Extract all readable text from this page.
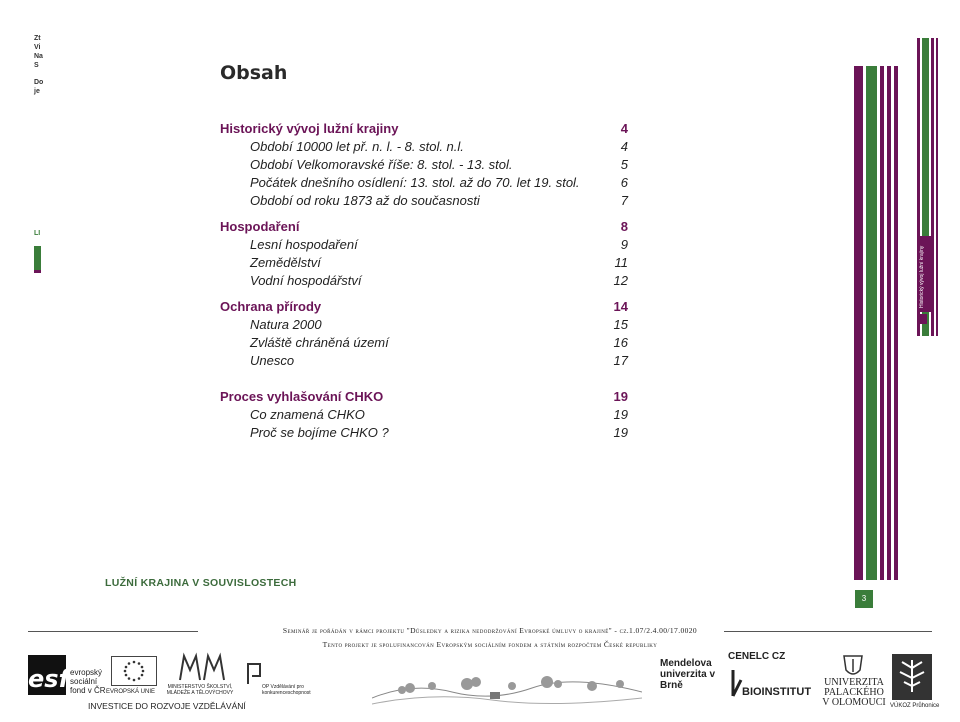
Zt
Vi
Na
S
Do
je
LI
Obsah
Historický vývoj lužní krajiny	4
Období 10000 let př. n. l. - 8. stol. n.l.	4
Období Velkomoravské říše: 8. stol. - 13. stol.	5
Počátek dnešního osídlení: 13. stol. až do 70. let 19. stol.	6
Období od roku 1873 až do současnosti	7
Hospodaření	8
Lesní hospodaření	9
Zemědělství	11
Vodní hospodářství	12
Ochrana přírody	14
Natura 2000	15
Zvláště chráněná území	16
Unesco	17
Proces vyhlašování CHKO	19
Co znamená CHKO	19
Proč se bojíme CHKO ?	19
LUŽNÍ KRAJINA V SOUVISLOSTECH
3
Historický vývoj lužní krajiny
Seminář je pořádán v rámci projektu "Důsledky a rizika nedodržování Evropské úmluvy o krajině" - cz.1.07/2.4.00/17.0020
Tento projekt je spolufinancován Evropským sociálním fondem a státním rozpočtem České republiky
esf evropský sociální fond v ČR EVROPSKÁ UNIE
MINISTERSTVO ŠKOLSTVÍ, MLÁDEŽE A TĚLOVÝCHOVY
OP Vzdělávání pro konkurenceschopnost
INVESTICE DO ROZVOJE VZDĚLÁVÁNÍ
Mendelova univerzita v Brně
CENELC CZ
BIOINSTITUT
UNIVERZITA PALACKÉHO V OLOMOUCI VÚKOZ Průhonice
